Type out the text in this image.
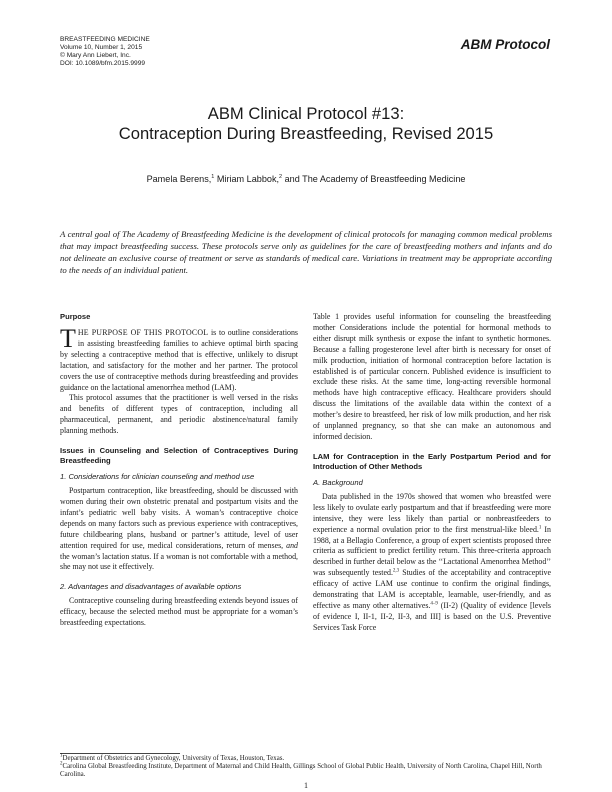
BREASTFEEDING MEDICINE
Volume 10, Number 1, 2015
© Mary Ann Liebert, Inc.
DOI: 10.1089/bfm.2015.9999
ABM Protocol
ABM Clinical Protocol #13:
Contraception During Breastfeeding, Revised 2015
Pamela Berens,$^1$ Miriam Labbok,$^2$ and The Academy of Breastfeeding Medicine
A central goal of The Academy of Breastfeeding Medicine is the development of clinical protocols for managing common medical problems that may impact breastfeeding success. These protocols serve only as guidelines for the care of breastfeeding mothers and infants and do not delineate an exclusive course of treatment or serve as standards of medical care. Variations in treatment may be appropriate according to the needs of an individual patient.
Purpose

THE PURPOSE OF THIS PROTOCOL is to outline considerations in assisting breastfeeding families to achieve optimal birth spacing by selecting a contraceptive method that is effective, unlikely to disrupt lactation, and satisfactory for the mother and her partner. The protocol covers the use of contraceptive methods during breastfeeding and provides guidance on the lactational amenorrhea method (LAM).

This protocol assumes that the practitioner is well versed in the risks and benefits of different types of contraception, including all pharmaceutical, permanent, and periodic abstinence/natural family planning methods.

Issues in Counseling and Selection of Contraceptives During Breastfeeding
1. Considerations for clinician counseling and method use

Postpartum contraception, like breastfeeding, should be discussed with women during their own obstetric prenatal and postpartum visits and the infant’s pediatric well baby visits. A woman’s contraceptive choice depends on many factors such as previous experience with contraceptives, future childbearing plans, husband or partner’s attitude, level of user attention required for use, medical considerations, return of menses, and the woman’s lactation status. If a woman is not comfortable with a method, she may not use it effectively.

2. Advantages and disadvantages of available options

Contraceptive counseling during breastfeeding extends beyond issues of efficacy, because the selected method must be appropriate for a woman’s breastfeeding expectations.

Table 1 provides useful information for counseling the breastfeeding mother Considerations include the potential for hormonal methods to either disrupt milk synthesis or expose the infant to synthetic hormones. Because a falling progesterone level after birth is necessary for onset of milk production, initiation of hormonal contraception before lactation is established is of particular concern. Published evidence is insufficient to exclude these risks. At the same time, long-acting reversible hormonal methods have high contraceptive efficacy. Healthcare providers should discuss the limitations of the available data within the context of a mother’s desire to breastfeed, her risk of low milk production, and her risk of unplanned pregnancy, so that she can make an autonomous and informed decision.

LAM for Contraception in the Early Postpartum Period and for Introduction of Other Methods
A. Background

Data published in the 1970s showed that women who breastfed were less likely to ovulate early postpartum and that if breastfeeding were more intensive, they were less likely than partial or nonbreastfeeders to experience a normal ovulation prior to the first menstrual-like bleed.$^1$ In 1988, at a Bellagio Conference, a group of expert scientists proposed three criteria as sufficient to predict fertility return. This three-criteria approach described in further detail below as the ‘‘Lactational Amenorrhea Method’’ was subsequently tested.$^{2,3}$ Studies of the acceptability and contraceptive efficacy of active LAM use continue to confirm the original findings, demonstrating that LAM is acceptable, learnable, user-friendly, and as effective as many other alternatives.$^{4-9}$ (II-2) (Quality of evidence [levels of evidence I, II-1, II-2, II-3, and III] is based on the U.S. Preventive Services Task Force

$^1$Department of Obstetrics and Gynecology, University of Texas, Houston, Texas.
$^2$Carolina Global Breastfeeding Institute, Department of Maternal and Child Health, Gillings School of Global Public Health, University of North Carolina, Chapel Hill, North Carolina.
1
